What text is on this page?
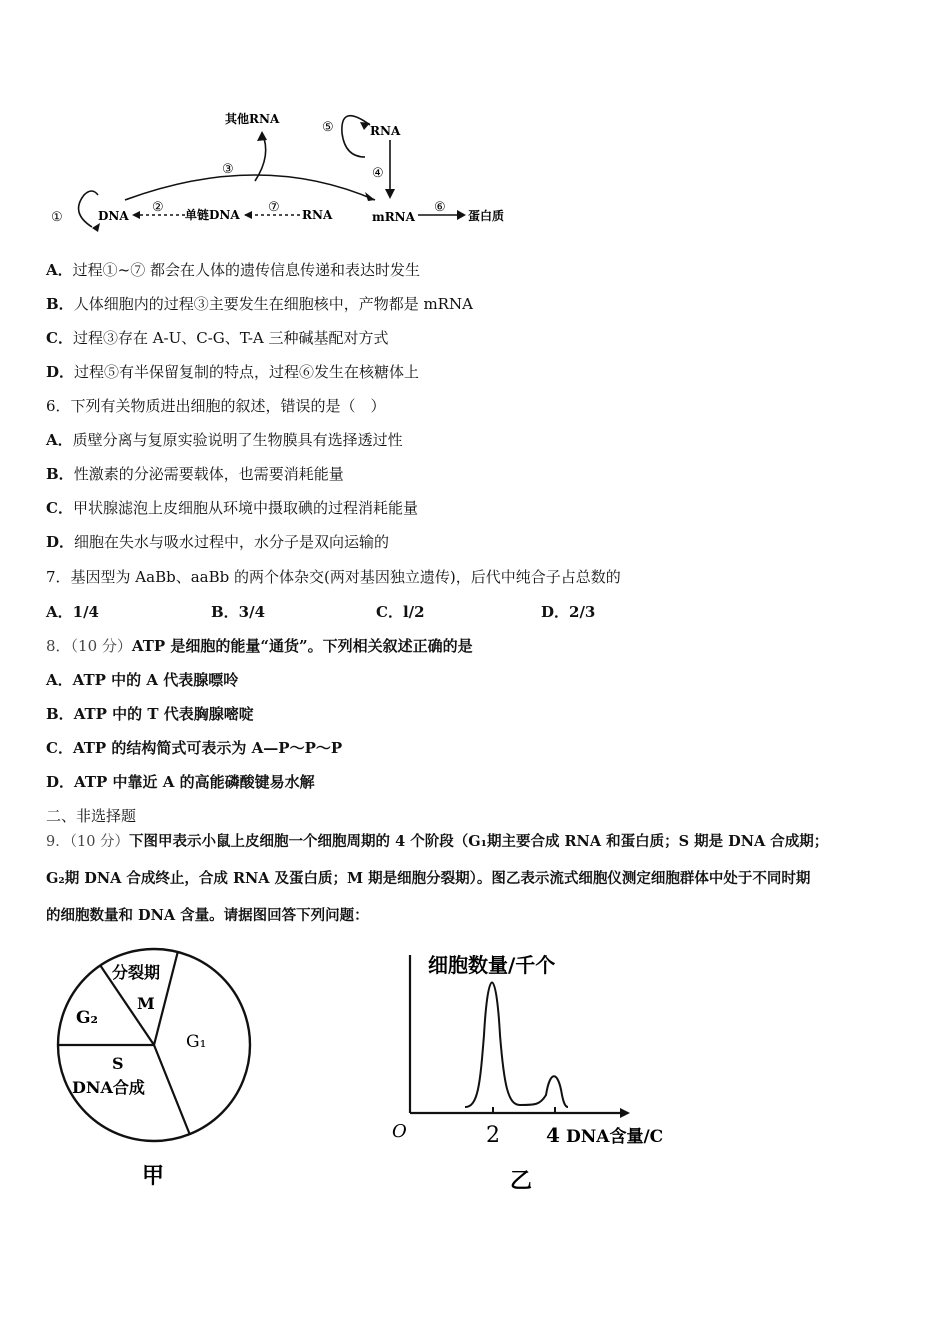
①	DNA
② 单链DNA ⑦ RNA	mRNA
⑥
蛋白质
③
其他RNA
⑤	RNA
④
A．过程①~⑦ 都会在人体的遗传信息传递和表达时发生
B．人体细胞内的过程③主要发生在细胞核中，产物都是 mRNA
C．过程③存在 A-U、C-G、T-A 三种碱基配对方式
D．过程⑤有半保留复制的特点，过程⑥发生在核糖体上
6．下列有关物质进出细胞的叙述，错误的是（　）
A．质壁分离与复原实验说明了生物膜具有选择透过性
B．性激素的分泌需要载体，也需要消耗能量
C．甲状腺滤泡上皮细胞从环境中摄取碘的过程消耗能量
D．细胞在失水与吸水过程中，水分子是双向运输的
7．基因型为 AaBb、aaBb 的两个体杂交(两对基因独立遗传)，后代中纯合子占总数的
A．1/4	B．3/4	C．l/2	D．2/3
8．（10 分）ATP 是细胞的能量“通货”。下列相关叙述正确的是
A．ATP 中的 A 代表腺嘌呤
B．ATP 中的 T 代表胸腺嘧啶
C．ATP 的结构简式可表示为 A—P～P～P
D．ATP 中靠近 A 的高能磷酸键易水解
二、非选择题
9．（10 分）下图甲表示小鼠上皮细胞一个细胞周期的 4 个阶段（G₁期主要合成 RNA 和蛋白质；S 期是 DNA 合成期；
G₂期 DNA 合成终止，合成 RNA 及蛋白质；M 期是细胞分裂期）。图乙表示流式细胞仪测定细胞群体中处于不同时期
的细胞数量和 DNA 含量。请据图回答下列问题：
分裂期
M
G₂
G₁
S
DNA合成
甲
细胞数量/千个
O	2 4 DNA含量/C
乙
